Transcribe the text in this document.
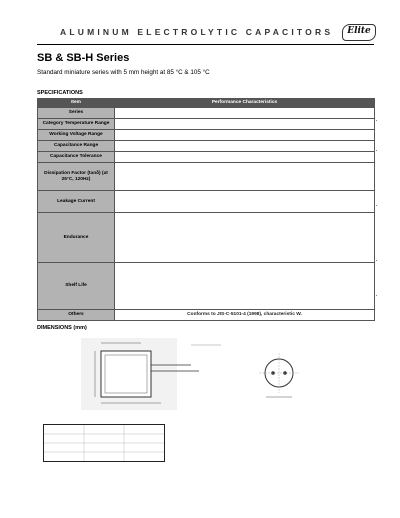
ALUMINUM ELECTROLYTIC CAPACITORS	Elite
SB & SB-H Series
Standard miniature series with 5 mm height at 85 °C & 105 °C
SPECIFICATIONS
Item	Performance Characteristics
Series	
Category Temperature Range	
Working Voltage Range	
Capacitance Range	
Capacitance Tolerance	
Dissipation Factor (tanδ) (at 25°C, 120Hz)	
Leakage Current	
Endurance	
Shelf Life	
Others	Conforms to JIS-C-5101-4 (1998), characteristic W.
DIMENSIONS (mm)
